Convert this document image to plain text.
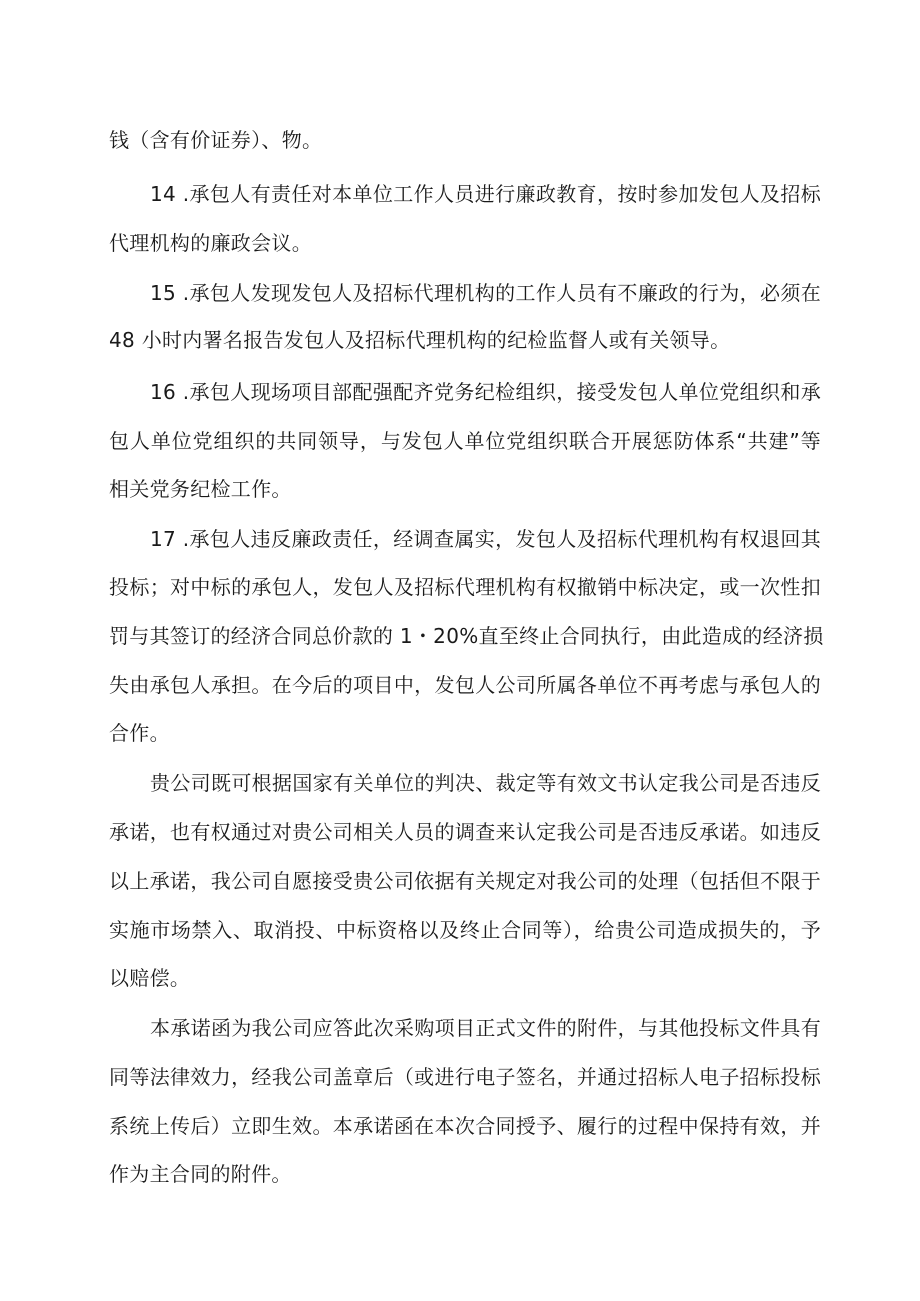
钱（含有价证券）、物。
14 .承包人有责任对本单位工作人员进行廉政教育，按时参加发包人及招标
代理机构的廉政会议。
15 .承包人发现发包人及招标代理机构的工作人员有不廉政的行为，必须在
48 小时内署名报告发包人及招标代理机构的纪检监督人或有关领导。
16 .承包人现场项目部配强配齐党务纪检组织，接受发包人单位党组织和承
包人单位党组织的共同领导，与发包人单位党组织联合开展惩防体系“共建”等
相关党务纪检工作。
17 .承包人违反廉政责任，经调查属实，发包人及招标代理机构有权退回其
投标；对中标的承包人，发包人及招标代理机构有权撤销中标决定，或一次性扣
罚与其签订的经济合同总价款的 1・20%直至终止合同执行，由此造成的经济损
失由承包人承担。在今后的项目中，发包人公司所属各单位不再考虑与承包人的
合作。
贵公司既可根据国家有关单位的判决、裁定等有效文书认定我公司是否违反
承诺，也有权通过对贵公司相关人员的调查来认定我公司是否违反承诺。如违反
以上承诺，我公司自愿接受贵公司依据有关规定对我公司的处理（包括但不限于
实施市场禁入、取消投、中标资格以及终止合同等），给贵公司造成损失的，予
以赔偿。
本承诺函为我公司应答此次采购项目正式文件的附件，与其他投标文件具有
同等法律效力，经我公司盖章后（或进行电子签名，并通过招标人电子招标投标
系统上传后）立即生效。本承诺函在本次合同授予、履行的过程中保持有效，并
作为主合同的附件。
